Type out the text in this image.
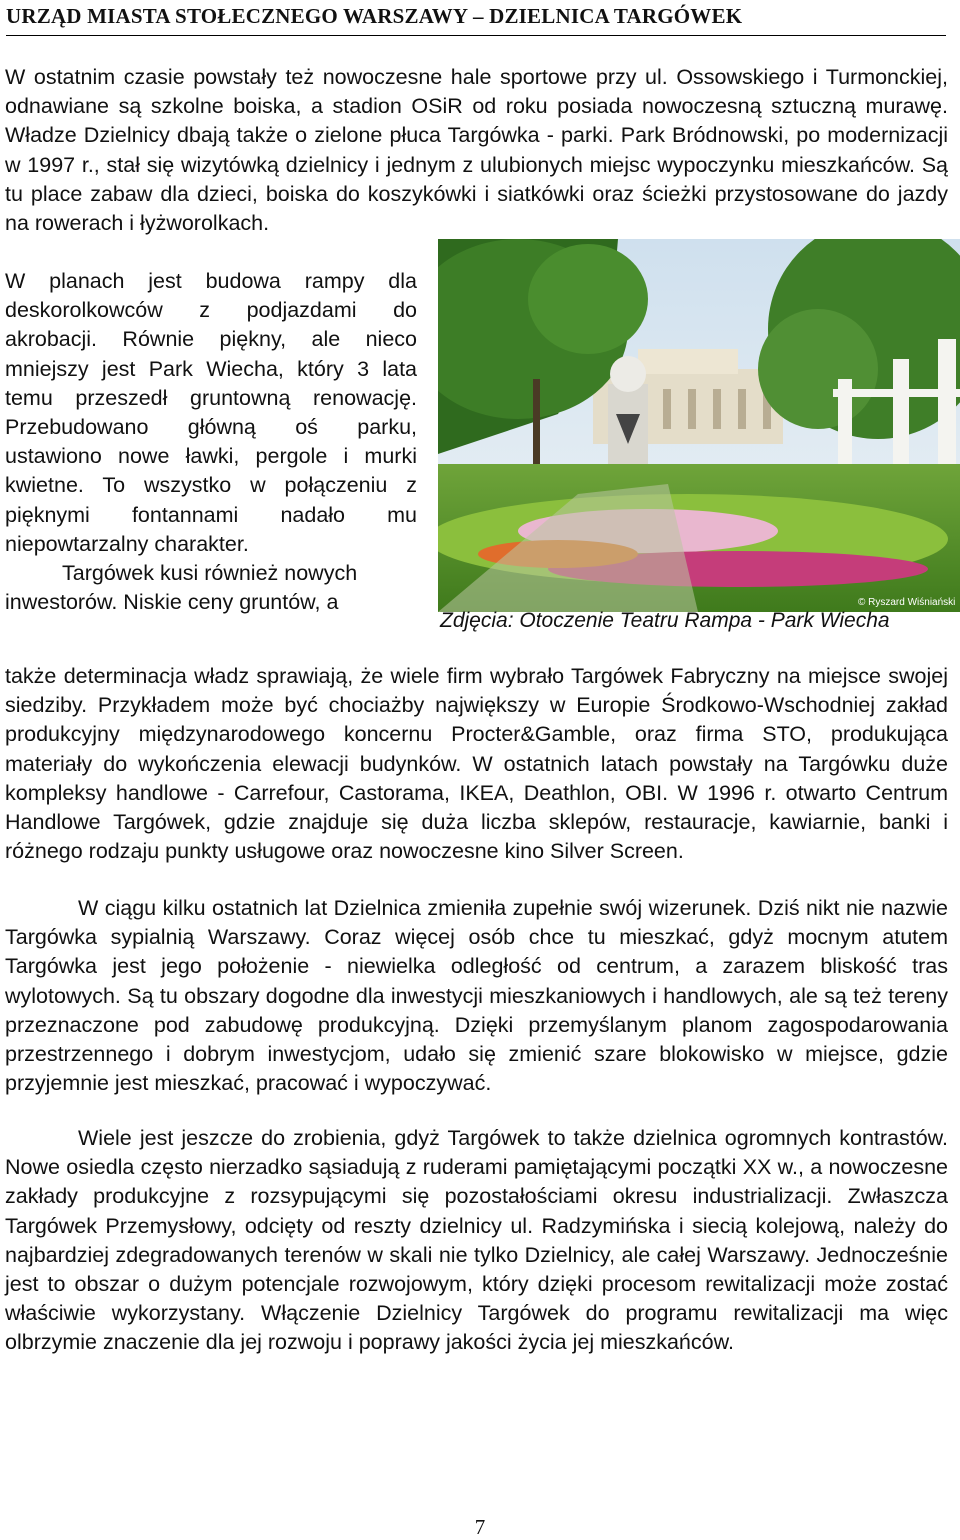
URZĄD MIASTA STOŁECZNEGO WARSZAWY – DZIELNICA TARGÓWEK
W ostatnim czasie powstały też nowoczesne hale sportowe przy ul. Ossowskiego i Turmonckiej, odnawiane są szkolne boiska, a stadion OSiR od roku posiada nowoczesną sztuczną murawę. Władze Dzielnicy dbają także o zielone płuca Targówka - parki. Park Bródnowski, po modernizacji w 1997 r., stał się wizytówką dzielnicy i jednym z ulubionych miejsc wypoczynku mieszkańców. Są tu place zabaw dla dzieci, boiska do koszykówki i siatkówki oraz ścieżki przystosowane do jazdy na rowerach i łyżworolkach.
W planach jest budowa rampy dla deskorolkowców z podjazdami do akrobacji. Równie piękny, ale nieco mniejszy jest Park Wiecha, który 3 lata temu przeszedł gruntowną renowację. Przebudowano główną oś parku, ustawiono nowe ławki, pergole i murki kwietne. To wszystko w połączeniu z pięknymi fontannami nadało mu niepowtarzalny charakter.
Targówek kusi również nowych inwestorów. Niskie ceny gruntów, a	© Ryszard Wiśniański
Zdjęcia: Otoczenie Teatru Rampa - Park Wiecha
także determinacja władz sprawiają, że wiele firm wybrało Targówek Fabryczny na miejsce swojej siedziby. Przykładem może być chociażby największy w Europie Środkowo-Wschodniej zakład produkcyjny międzynarodowego koncernu Procter&Gamble, oraz firma STO, produkująca materiały do wykończenia elewacji budynków. W ostatnich latach powstały na Targówku duże kompleksy handlowe - Carrefour, Castorama, IKEA, Deathlon, OBI. W 1996 r. otwarto Centrum Handlowe Targówek, gdzie znajduje się duża liczba sklepów, restauracje, kawiarnie, banki i różnego rodzaju punkty usługowe oraz nowoczesne kino Silver Screen.
W ciągu kilku ostatnich lat Dzielnica zmieniła zupełnie swój wizerunek. Dziś nikt nie nazwie Targówka sypialnią Warszawy. Coraz więcej osób chce tu mieszkać, gdyż mocnym atutem Targówka jest jego położenie - niewielka odległość od centrum, a zarazem bliskość tras wylotowych. Są tu obszary dogodne dla inwestycji mieszkaniowych i handlowych, ale są też tereny przeznaczone pod zabudowę produkcyjną. Dzięki przemyślanym planom zagospodarowania przestrzennego i dobrym inwestycjom, udało się zmienić szare blokowisko w miejsce, gdzie przyjemnie jest mieszkać, pracować i wypoczywać.
Wiele jest jeszcze do zrobienia, gdyż Targówek to także dzielnica ogromnych kontrastów. Nowe osiedla często nierzadko sąsiadują z ruderami pamiętającymi początki XX w., a nowoczesne zakłady produkcyjne z rozsypującymi się pozostałościami okresu industrializacji. Zwłaszcza Targówek Przemysłowy, odcięty od reszty dzielnicy ul. Radzymińska i siecią kolejową, należy do najbardziej zdegradowanych terenów w skali nie tylko Dzielnicy, ale całej Warszawy. Jednocześnie jest to obszar o dużym potencjale rozwojowym, który dzięki procesom rewitalizacji może zostać właściwie wykorzystany. Włączenie Dzielnicy Targówek do programu rewitalizacji ma więc olbrzymie znaczenie dla jej rozwoju i poprawy jakości życia jej mieszkańców.
7
